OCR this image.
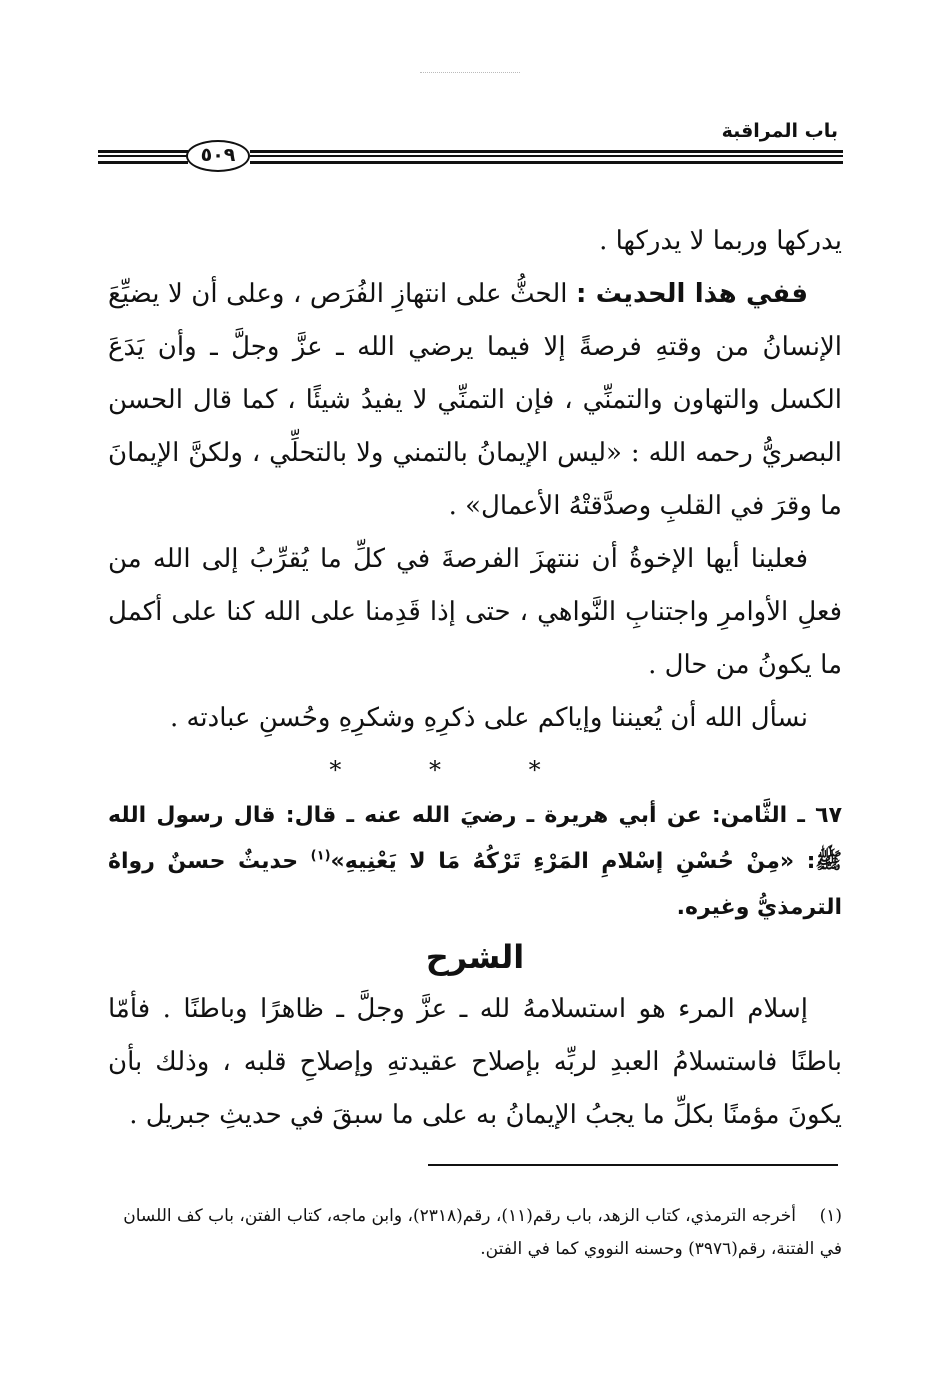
باب المراقبة
٥٠٩

يدركها وربما لا يدركها .

ففي هذا الحديث : الحثُّ على انتهازِ الفُرَص ، وعلى أن لا يضيِّعَ الإنسانُ من وقتهِ فرصةً إلا فيما يرضي الله ـ عزَّ وجلَّ ـ وأن يَدَعَ الكسل والتهاون والتمنِّي ، فإن التمنِّي لا يفيدُ شيئًا ، كما قال الحسن البصريُّ رحمه الله : «ليس الإيمانُ بالتمني ولا بالتحلِّي ، ولكنَّ الإيمانَ ما وقرَ في القلبِ وصدَّقتْهُ الأعمال» .

فعلينا أيها الإخوةُ أن ننتهزَ الفرصةَ في كلِّ ما يُقرِّبُ إلى الله من فعلِ الأوامرِ واجتنابِ النَّواهي ، حتى إذا قَدِمنا على الله كنا على أكمل ما يكونُ من حال .

نسأل الله أن يُعيننا وإياكم على ذكرِهِ وشكرِهِ وحُسنِ عبادته .

* * *

٦٧ ـ الثَّامن: عن أبي هريرة ـ رضيَ الله عنه ـ قال: قال رسول الله ﷺ: «مِنْ حُسْنِ إسْلامِ المَرْءِ تَرْكُهُ مَا لا يَعْنِيهِ»$^{(١)}$ حديثٌ حسنٌ رواهُ الترمذيُّ وغيره.

الشرح

إسلام المرء هو استسلامهُ لله ـ عزَّ وجلَّ ـ ظاهرًا وباطنًا . فأمّا باطنًا فاستسلامُ العبدِ لربِّه بإصلاح عقيدتهِ وإصلاحِ قلبه ، وذلك بأن يكونَ مؤمنًا بكلِّ ما يجبُ الإيمانُ به على ما سبقَ في حديثِ جبريل .

(١)أخرجه الترمذي، كتاب الزهد، باب رقم(١١)، رقم(٢٣١٨)، وابن ماجه، كتاب الفتن، باب كف اللسان في الفتنة، رقم(٣٩٧٦) وحسنه النووي كما في الفتن.
